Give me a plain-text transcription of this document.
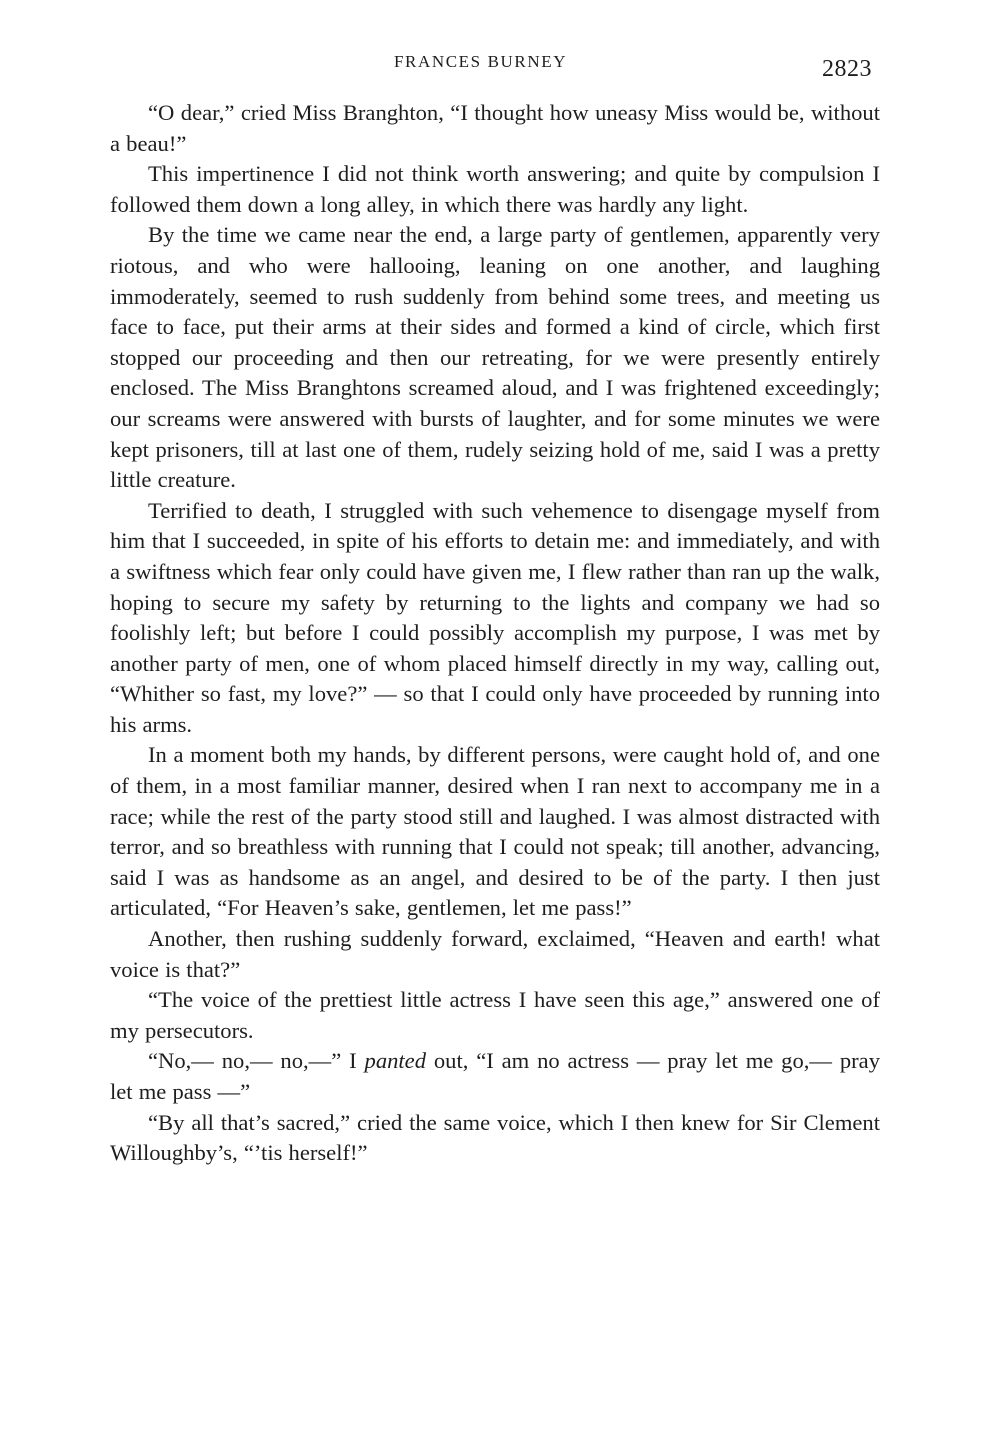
FRANCES BURNEY	2823

“O dear,” cried Miss Branghton, “I thought how uneasy Miss would be, without a beau!”

This impertinence I did not think worth answering; and quite by compulsion I followed them down a long alley, in which there was hardly any light.

By the time we came near the end, a large party of gentlemen, apparently very riotous, and who were hallooing, leaning on one another, and laughing immoderately, seemed to rush suddenly from behind some trees, and meeting us face to face, put their arms at their sides and formed a kind of circle, which first stopped our proceeding and then our retreating, for we were presently entirely enclosed. The Miss Branghtons screamed aloud, and I was frightened exceedingly; our screams were answered with bursts of laughter, and for some minutes we were kept prisoners, till at last one of them, rudely seizing hold of me, said I was a pretty little creature.

Terrified to death, I struggled with such vehemence to disengage myself from him that I succeeded, in spite of his efforts to detain me: and immediately, and with a swiftness which fear only could have given me, I flew rather than ran up the walk, hoping to secure my safety by returning to the lights and company we had so foolishly left; but before I could possibly accomplish my purpose, I was met by another party of men, one of whom placed himself directly in my way, calling out, “Whither so fast, my love?” — so that I could only have proceeded by running into his arms.

In a moment both my hands, by different persons, were caught hold of, and one of them, in a most familiar manner, desired when I ran next to accompany me in a race; while the rest of the party stood still and laughed. I was almost distracted with terror, and so breathless with running that I could not speak; till another, advancing, said I was as handsome as an angel, and desired to be of the party. I then just articulated, “For Heaven’s sake, gentlemen, let me pass!”

Another, then rushing suddenly forward, exclaimed, “Heaven and earth! what voice is that?”

“The voice of the prettiest little actress I have seen this age,” answered one of my persecutors.

“No,— no,— no,—” I panted out, “I am no actress — pray let me go,— pray let me pass —”

“By all that’s sacred,” cried the same voice, which I then knew for Sir Clement Willoughby’s, “’tis herself!”
